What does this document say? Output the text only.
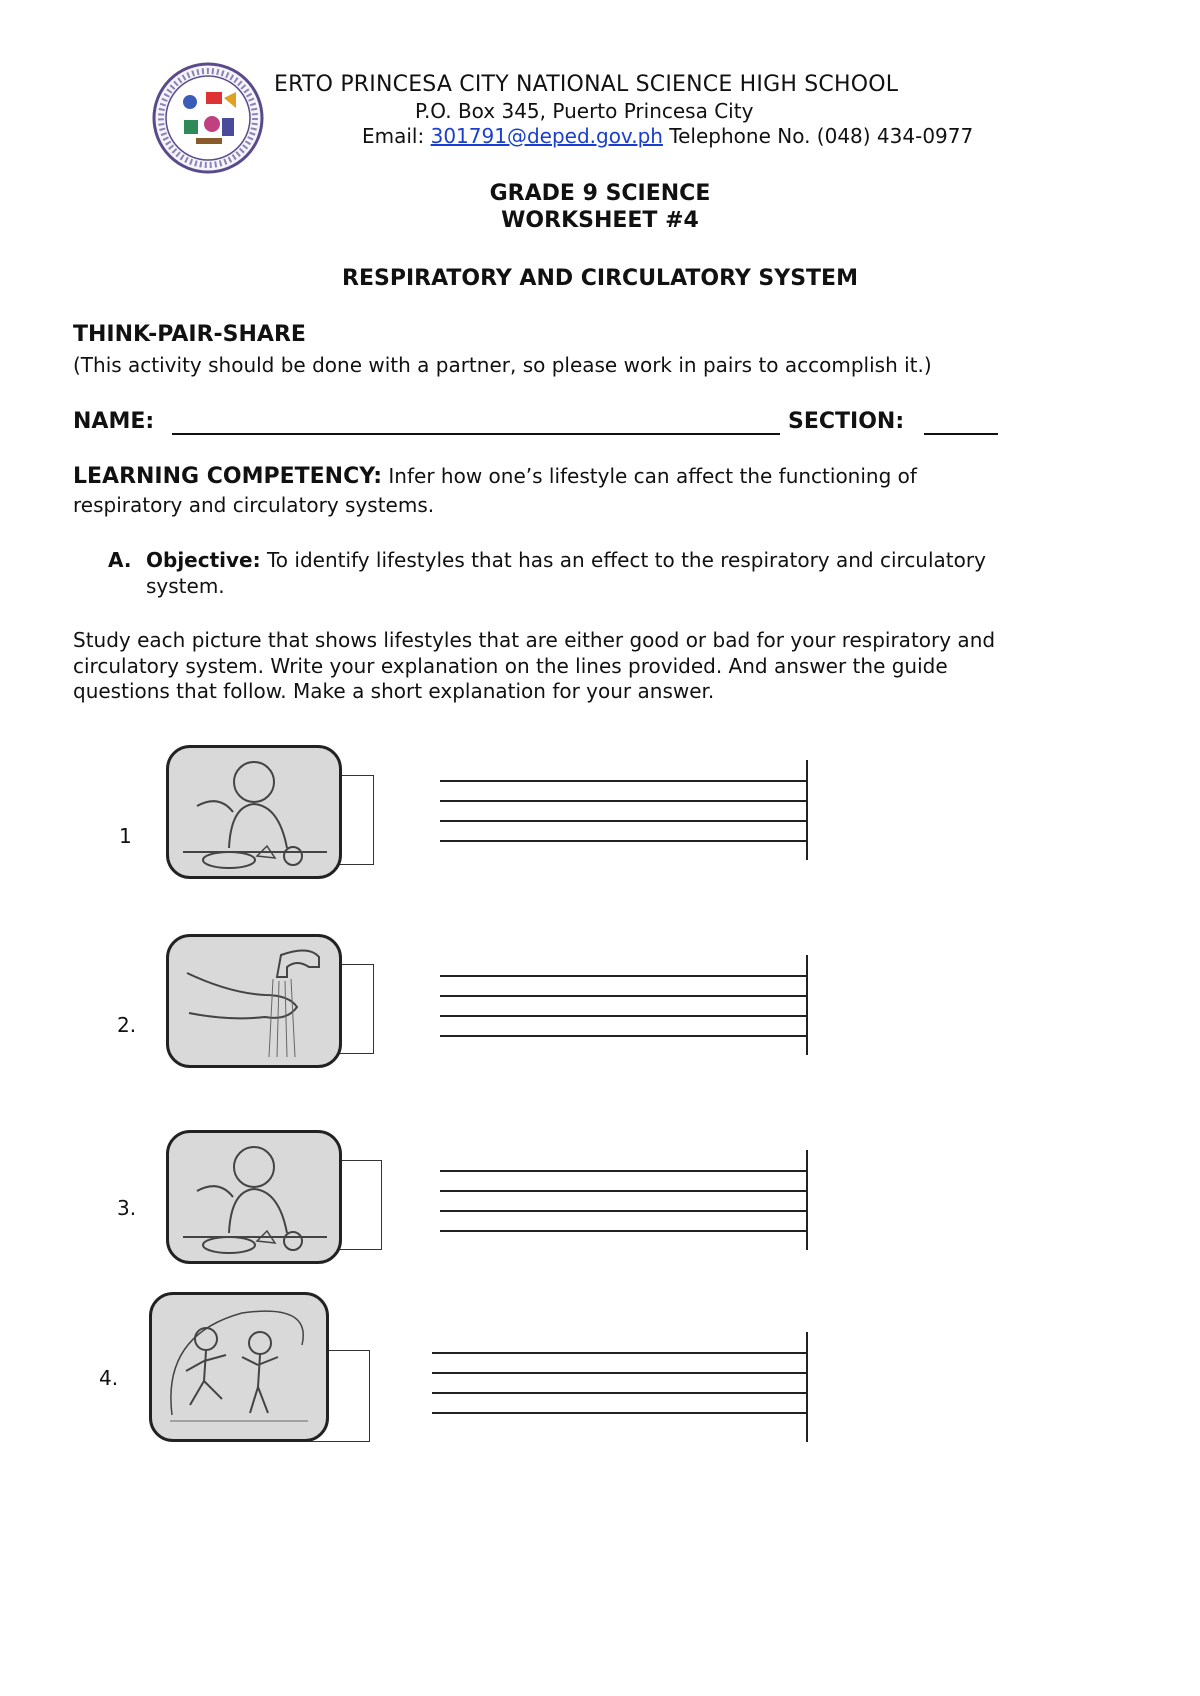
ERTO PRINCESA CITY NATIONAL SCIENCE HIGH SCHOOL
P.O. Box 345, Puerto Princesa City
Email: 301791@deped.gov.ph Telephone No. (048) 434-0977
GRADE 9 SCIENCE
WORKSHEET #4
RESPIRATORY AND CIRCULATORY SYSTEM
THINK-PAIR-SHARE
(This activity should be done with a partner, so please work in pairs to accomplish it.)
NAME:	SECTION:
LEARNING COMPETENCY: Infer how one’s lifestyle can affect the functioning of
respiratory and circulatory systems.
A. Objective: To identify lifestyles that has an effect to the respiratory and circulatory
system.
Study each picture that shows lifestyles that are either good or bad for your respiratory and
circulatory system. Write your explanation on the lines provided. And answer the guide
questions that follow. Make a short explanation for your answer.
1
2.
3.
4.
